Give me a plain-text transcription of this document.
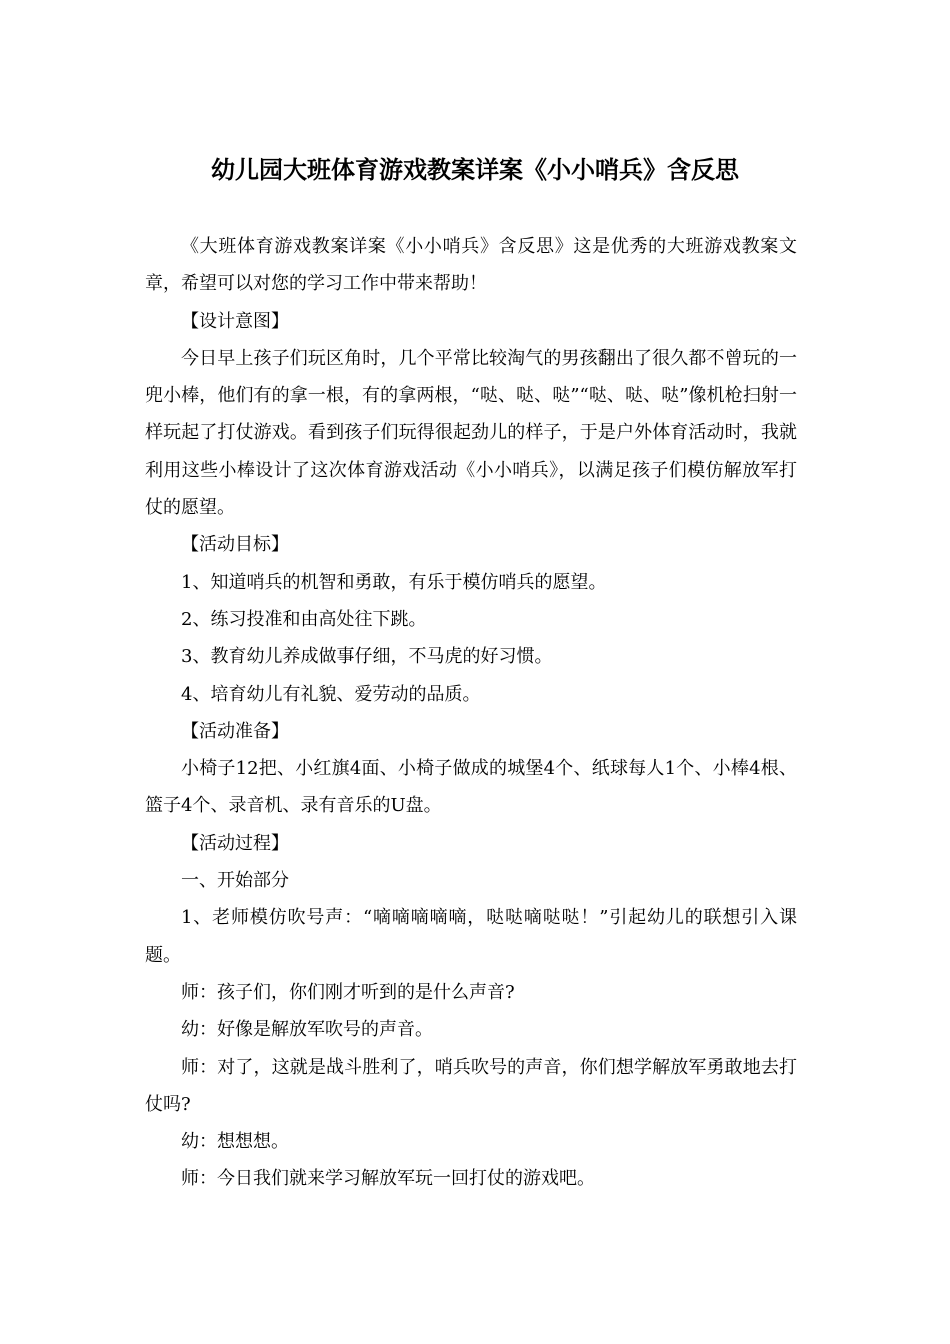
幼儿园大班体育游戏教案详案《小小哨兵》含反思

《大班体育游戏教案详案《小小哨兵》含反思》这是优秀的大班游戏教案文章，希望可以对您的学习工作中带来帮助！

【设计意图】

今日早上孩子们玩区角时，几个平常比较淘气的男孩翻出了很久都不曾玩的一兜小棒，他们有的拿一根，有的拿两根，“哒、哒、哒”“哒、哒、哒”像机枪扫射一样玩起了打仗游戏。看到孩子们玩得很起劲儿的样子，于是户外体育活动时，我就利用这些小棒设计了这次体育游戏活动《小小哨兵》，以满足孩子们模仿解放军打仗的愿望。

【活动目标】

1、知道哨兵的机智和勇敢，有乐于模仿哨兵的愿望。

2、练习投准和由高处往下跳。

3、教育幼儿养成做事仔细，不马虎的好习惯。

4、培育幼儿有礼貌、爱劳动的品质。

【活动准备】

小椅子12把、小红旗4面、小椅子做成的城堡4个、纸球每人1个、小棒4根、篮子4个、录音机、录有音乐的U盘。

【活动过程】

一、开始部分

1、老师模仿吹号声：“嘀嘀嘀嘀嘀，哒哒嘀哒哒！”引起幼儿的联想引入课题。

师：孩子们，你们刚才听到的是什么声音?

幼：好像是解放军吹号的声音。

师：对了，这就是战斗胜利了，哨兵吹号的声音，你们想学解放军勇敢地去打仗吗?

幼：想想想。

师：今日我们就来学习解放军玩一回打仗的游戏吧。
